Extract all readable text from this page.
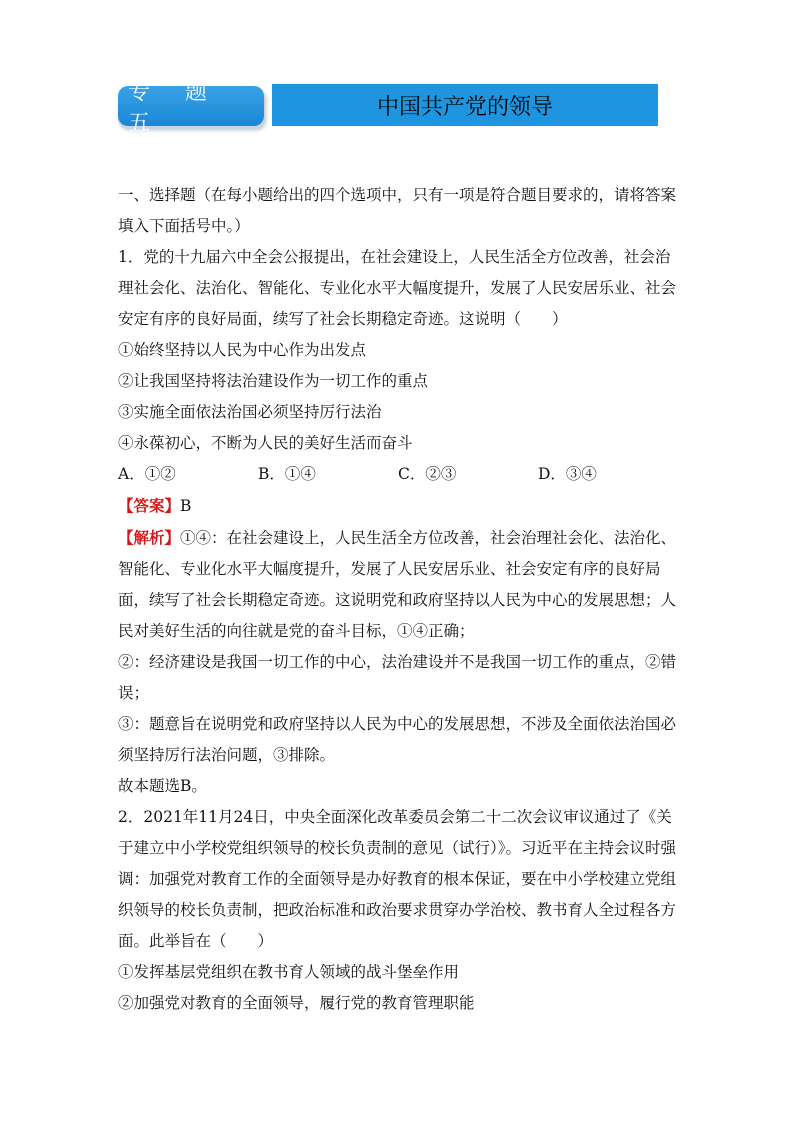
专 题 五
中国共产党的领导

一、选择题（在每小题给出的四个选项中，只有一项是符合题目要求的，请将答案填入下面括号中。）

1．党的十九届六中全会公报提出，在社会建设上，人民生活全方位改善，社会治理社会化、法治化、智能化、专业化水平大幅度提升，发展了人民安居乐业、社会安定有序的良好局面，续写了社会长期稳定奇迹。这说明（　　）

①始终坚持以人民为中心作为出发点

②让我国坚持将法治建设作为一切工作的重点

③实施全面依法治国必须坚持厉行法治

④永葆初心，不断为人民的美好生活而奋斗

A．①②	B．①④	C．②③	D．③④

【答案】B

【解析】①④：在社会建设上，人民生活全方位改善，社会治理社会化、法治化、智能化、专业化水平大幅度提升，发展了人民安居乐业、社会安定有序的良好局面，续写了社会长期稳定奇迹。这说明党和政府坚持以人民为中心的发展思想；人民对美好生活的向往就是党的奋斗目标，①④正确；

②：经济建设是我国一切工作的中心，法治建设并不是我国一切工作的重点，②错误；

③：题意旨在说明党和政府坚持以人民为中心的发展思想，不涉及全面依法治国必须坚持厉行法治问题，③排除。

故本题选B。

2．2021年11月24日，中央全面深化改革委员会第二十二次会议审议通过了《关于建立中小学校党组织领导的校长负责制的意见（试行）》。习近平在主持会议时强调：加强党对教育工作的全面领导是办好教育的根本保证，要在中小学校建立党组织领导的校长负责制，把政治标准和政治要求贯穿办学治校、教书育人全过程各方面。此举旨在（　　）

①发挥基层党组织在教书育人领域的战斗堡垒作用

②加强党对教育的全面领导，履行党的教育管理职能
